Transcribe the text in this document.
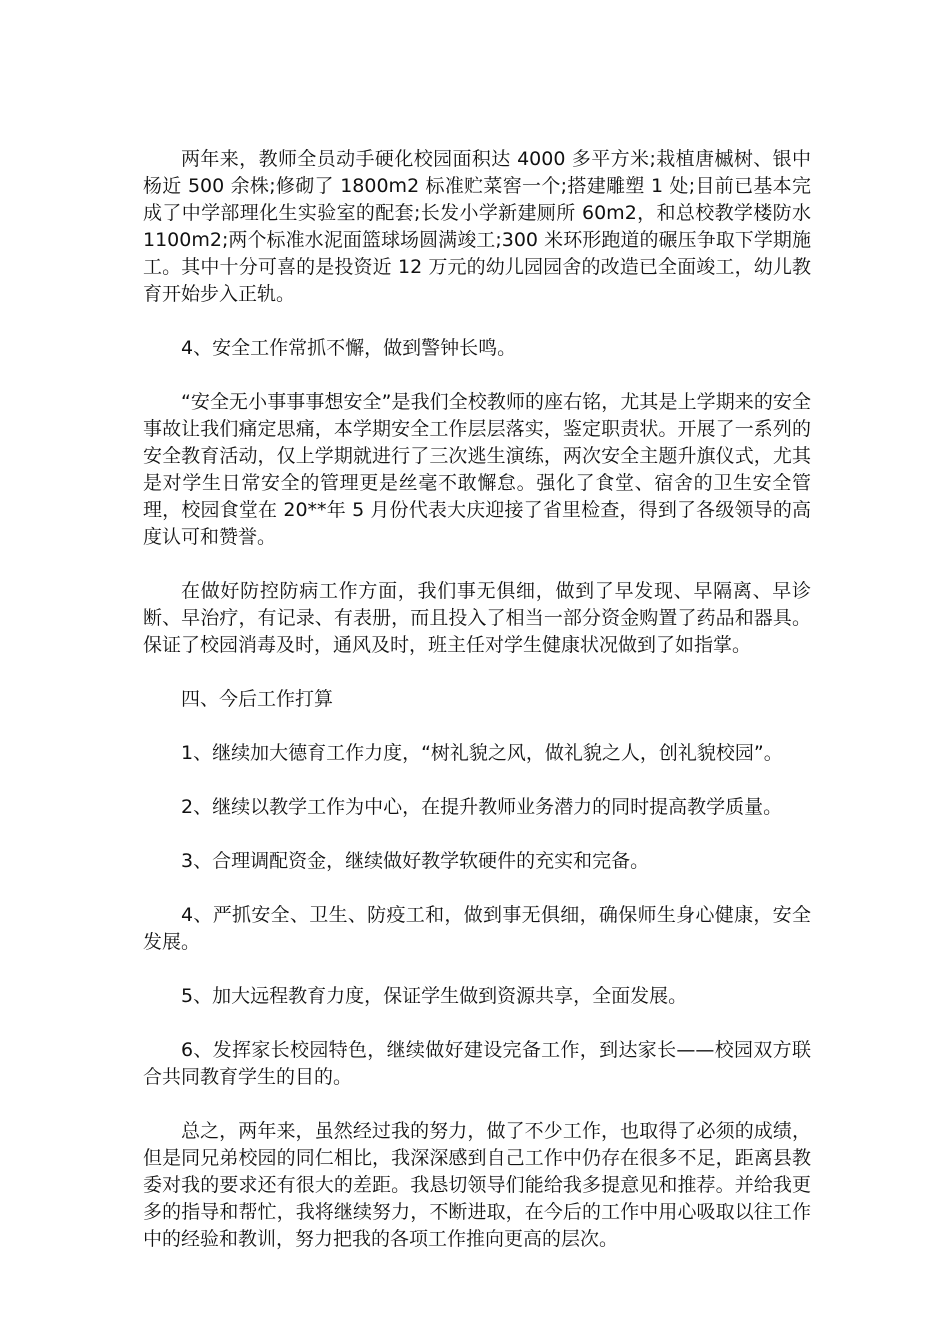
两年来，教师全员动手硬化校园面积达 4000 多平方米;栽植唐槭树、银中杨近 500 余株;修砌了 1800m2 标准贮菜窖一个;搭建雕塑 1 处;目前已基本完成了中学部理化生实验室的配套;长发小学新建厕所 60m2，和总校教学楼防水 1100m2;两个标准水泥面篮球场圆满竣工;300 米环形跑道的碾压争取下学期施工。其中十分可喜的是投资近 12 万元的幼儿园园舍的改造已全面竣工，幼儿教育开始步入正轨。

4、安全工作常抓不懈，做到警钟长鸣。

“安全无小事事事想安全”是我们全校教师的座右铭，尤其是上学期来的安全事故让我们痛定思痛，本学期安全工作层层落实，鉴定职责状。开展了一系列的安全教育活动，仅上学期就进行了三次逃生演练，两次安全主题升旗仪式，尤其是对学生日常安全的管理更是丝毫不敢懈怠。强化了食堂、宿舍的卫生安全管理，校园食堂在 20**年 5 月份代表大庆迎接了省里检查，得到了各级领导的高度认可和赞誉。

在做好防控防病工作方面，我们事无俱细，做到了早发现、早隔离、早诊断、早治疗，有记录、有表册，而且投入了相当一部分资金购置了药品和器具。保证了校园消毒及时，通风及时，班主任对学生健康状况做到了如指掌。

四、今后工作打算

1、继续加大德育工作力度，“树礼貌之风，做礼貌之人，创礼貌校园”。

2、继续以教学工作为中心，在提升教师业务潜力的同时提高教学质量。

3、合理调配资金，继续做好教学软硬件的充实和完备。

4、严抓安全、卫生、防疫工和，做到事无俱细，确保师生身心健康，安全发展。

5、加大远程教育力度，保证学生做到资源共享，全面发展。

6、发挥家长校园特色，继续做好建设完备工作，到达家长——校园双方联合共同教育学生的目的。

总之，两年来，虽然经过我的努力，做了不少工作，也取得了必须的成绩，但是同兄弟校园的同仁相比，我深深感到自己工作中仍存在很多不足，距离县教委对我的要求还有很大的差距。我恳切领导们能给我多提意见和推荐。并给我更多的指导和帮忙，我将继续努力，不断进取，在今后的工作中用心吸取以往工作中的经验和教训，努力把我的各项工作推向更高的层次。
